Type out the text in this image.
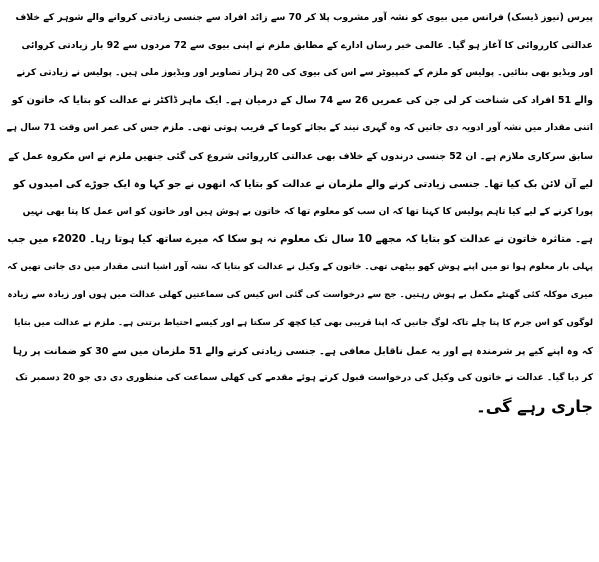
پیرس (نیوز ڈیسک) فرانس میں بیوی کو نشہ آور مشروب پلا کر 70 سے زائد افراد سے جنسی زیادتی کروانے والے شوہر کے خلاف
عدالتی کارروائی کا آغاز ہو گیا۔ عالمی خبر رساں ادارے کے مطابق ملزم نے اپنی بیوی سے 72 مردوں سے 92 بار زیادتی کروائی
اور ویڈیو بھی بنائیں۔ پولیس کو ملزم کے کمپیوٹر سے اس کی بیوی کی 20 ہزار تصاویر اور ویڈیوز ملی ہیں۔ پولیس نے زیادتی کرنے
والے 51 افراد کی شناخت کر لی جن کی عمریں 26 سے 74 سال کے درمیان ہے۔ ایک ماہر ڈاکٹر نے عدالت کو بتایا کہ خاتون کو
اتنی مقدار میں نشہ آور ادویہ دی جاتیں کہ وہ گہری نیند کے بجائے کوما کے قریب ہوتی تھی۔ ملزم جس کی عمر اس وقت 71 سال ہے
سابق سرکاری ملازم ہے۔ ان 52 جنسی درندوں کے خلاف بھی عدالتی کارروائی شروع کی گئی جنھیں ملزم نے اس مکروہ عمل کے
لیے آن لائن بک کیا تھا۔ جنسی زیادتی کرنے والے ملزمان نے عدالت کو بتایا کہ انھوں نے جو کہا وہ ایک جوڑے کی امیدوں کو
پورا کرنے کے لیے کیا تاہم پولیس کا کہنا تھا کہ ان سب کو معلوم تھا کہ خاتون بے ہوش ہیں اور خاتون کو اس عمل کا پتا بھی نہیں
ہے۔ متاثرہ خاتون نے عدالت کو بتایا کہ مجھے 10 سال تک معلوم نہ ہو سکا کہ میرے ساتھ کیا ہوتا رہا۔ 2020ء میں جب
پہلی بار معلوم ہوا تو میں اپنے ہوش کھو بیٹھی تھی۔ خاتون کے وکیل نے عدالت کو بتایا کہ نشہ آور اشیا اتنی مقدار میں دی جاتی تھیں کہ
میری موکلہ کئی گھنٹے مکمل بے ہوش رہتیں۔ جج سے درخواست کی گئی اس کیس کی سماعتیں کھلی عدالت میں ہوں اور زیادہ سے زیادہ
لوگوں کو اس جرم کا پتا چلے تاکہ لوگ جانیں کہ اپنا قریبی بھی کیا کچھ کر سکتا ہے اور کیسے احتیاط برتنی ہے۔ ملزم نے عدالت میں بتایا
کہ وہ اپنے کیے پر شرمندہ ہے اور یہ عمل ناقابل معافی ہے۔ جنسی زیادتی کرنے والے 51 ملزمان میں سے 30 کو ضمانت پر رہا
کر دیا گیا۔ عدالت نے خاتون کی وکیل کی درخواست قبول کرتے ہوئے مقدمے کی کھلی سماعت کی منظوری دی دی جو 20 دسمبر تک
جاری رہے گی۔
